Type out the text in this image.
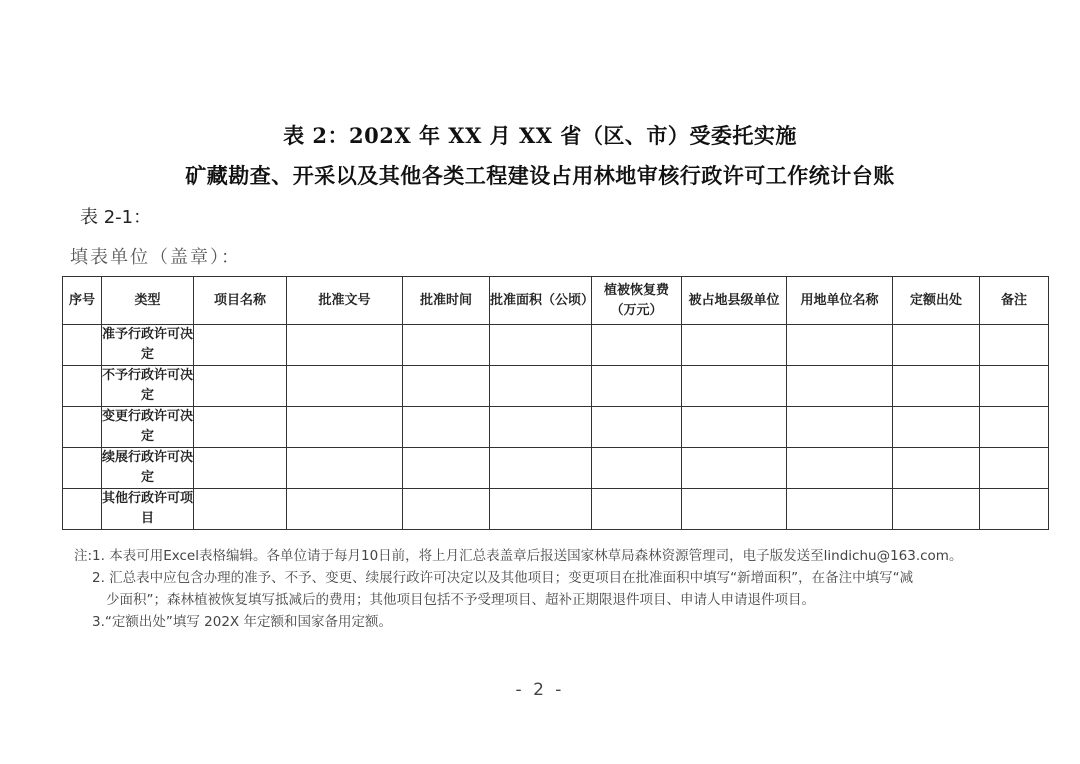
表 2：202X 年 XX 月 XX 省（区、市）受委托实施
矿藏勘查、开采以及其他各类工程建设占用林地审核行政许可工作统计台账
表 2-1：
填表单位（盖章）：
序号	类型	项目名称	批准文号	批准时间	批准面积（公顷）	植被恢复费（万元）	被占地县级单位	用地单位名称	定额出处	备注
	准予行政许可决定									
	不予行政许可决定									
	变更行政许可决定									
	续展行政许可决定									
	其他行政许可项目									
注:1. 本表可用Excel表格编辑。各单位请于每月10日前，将上月汇总表盖章后报送国家林草局森林资源管理司，电子版发送至lindichu@163.com。
2. 汇总表中应包含办理的准予、不予、变更、续展行政许可决定以及其他项目；变更项目在批准面积中填写“新增面积”，在备注中填写“减
少面积”；森林植被恢复填写抵减后的费用；其他项目包括不予受理项目、超补正期限退件项目、申请人申请退件项目。
3.“定额出处”填写 202X 年定额和国家备用定额。
- 2 -
